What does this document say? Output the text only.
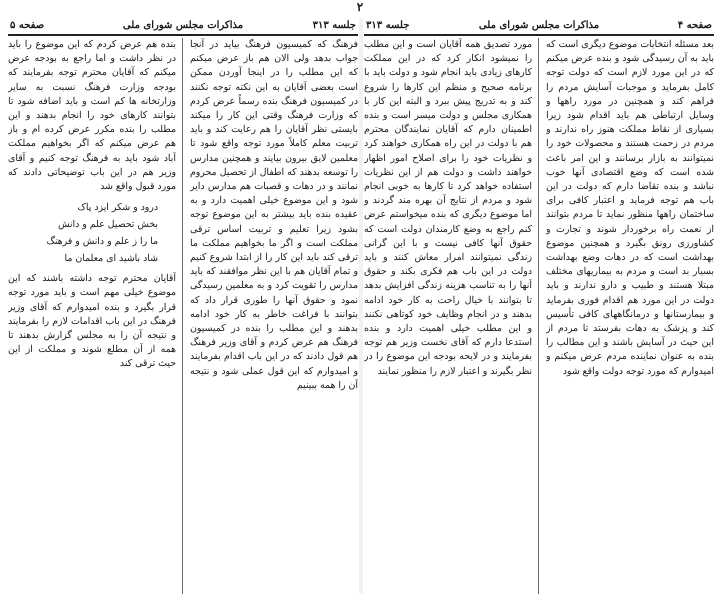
۲
جلسه ۳۱۳
مذاکرات مجلس شورای ملی
صفحه ۵

فرهنگ که کمیسیون فرهنگ بیاید در آنجا جواب بدهد ولی الان هم باز عرض میکنم که این مطلب را در اینجا آوردن ممکن است بعضی آقایان به این نکته توجه نکنند در کمیسیون فرهنگ بنده رسماً عرض کردم که وزارت فرهنگ وقتی این کار را میکند بایستی نظر آقایان را هم رعایت کند و باید تربیت معلم کاملاً مورد توجه واقع شود تا معلمین لایق بیرون بیایند و همچنین مدارس را توسعه بدهند که اطفال از تحصیل محروم نمانند و در دهات و قصبات هم مدارس دایر شود و این موضوع خیلی اهمیت دارد و به عقیده بنده باید بیشتر به این موضوع توجه بشود زیرا تعلیم و تربیت اساس ترقی مملکت است و اگر ما بخواهیم مملکت ما ترقی کند باید این کار را از ابتدا شروع کنیم و تمام آقایان هم با این نظر موافقند که باید مدارس را تقویت کرد و به معلمین رسیدگی نمود و حقوق آنها را طوری قرار داد که بتوانند با فراغت خاطر به کار خود ادامه بدهند و این مطلب را بنده در کمیسیون فرهنگ هم عرض کردم و آقای وزیر فرهنگ هم قول دادند که در این باب اقدام بفرمایند و امیدوارم که این قول عملی شود و نتیجه آن را همه ببینیم

بنده هم عرض کردم که این موضوع را باید در نظر داشت و اما راجع به بودجه عرض میکنم که آقایان محترم توجه بفرمایند که بودجه وزارت فرهنگ نسبت به سایر وزارتخانه ها کم است و باید اضافه شود تا بتوانند کارهای خود را انجام بدهند و این مطلب را بنده مکرر عرض کرده ام و باز هم عرض میکنم که اگر بخواهیم مملکت آباد شود باید به فرهنگ توجه کنیم و آقای وزیر هم در این باب توضیحاتی دادند که مورد قبول واقع شد

درود و شکر ایزد پاک
بخش تحصیل علم و دانش
ما را ز علم و دانش و فرهنگ
شاد باشید ای معلمان ما

آقایان محترم توجه داشته باشند که این موضوع خیلی مهم است و باید مورد توجه قرار بگیرد و بنده امیدوارم که آقای وزیر فرهنگ در این باب اقدامات لازم را بفرمایند و نتیجه آن را به مجلس گزارش بدهند تا همه از آن مطلع شوند و مملکت از این حیث ترقی کند

صفحه ۴
مذاکرات مجلس شورای ملی
جلسه ۳۱۳

بعد مسئله انتخابات موضوع دیگری است که باید به آن رسیدگی شود و بنده عرض میکنم که در این مورد لازم است که دولت توجه کامل بفرماید و موجبات آسایش مردم را فراهم کند و همچنین در مورد راهها و وسایل ارتباطی هم باید اقدام شود زیرا بسیاری از نقاط مملکت هنوز راه ندارند و مردم در زحمت هستند و محصولات خود را نمیتوانند به بازار برسانند و این امر باعث شده است که وضع اقتصادی آنها خوب نباشد و بنده تقاضا دارم که دولت در این باب هم توجه فرماید و اعتبار کافی برای ساختمان راهها منظور نماید تا مردم بتوانند از نعمت راه برخوردار شوند و تجارت و کشاورزی رونق بگیرد و همچنین موضوع بهداشت است که در دهات وضع بهداشت بسیار بد است و مردم به بیماریهای مختلف مبتلا هستند و طبیب و دارو ندارند و باید دولت در این مورد هم اقدام فوری بفرماید و بیمارستانها و درمانگاههای کافی تأسیس کند و پزشک به دهات بفرستد تا مردم از این حیث در آسایش باشند و این مطالب را بنده به عنوان نماینده مردم عرض میکنم و امیدوارم که مورد توجه دولت واقع شود

مورد تصدیق همه آقایان است و این مطلب را نمیشود انکار کرد که در این مملکت کارهای زیادی باید انجام شود و دولت باید با برنامه صحیح و منظم این کارها را شروع کند و به تدریج پیش ببرد و البته این کار با همکاری مجلس و دولت میسر است و بنده اطمینان دارم که آقایان نمایندگان محترم هم با دولت در این راه همکاری خواهند کرد و نظریات خود را برای اصلاح امور اظهار خواهند داشت و دولت هم از این نظریات استفاده خواهد کرد تا کارها به خوبی انجام شود و مردم از نتایج آن بهره مند گردند و اما موضوع دیگری که بنده میخواستم عرض کنم راجع به وضع کارمندان دولت است که حقوق آنها کافی نیست و با این گرانی زندگی نمیتوانند امرار معاش کنند و باید دولت در این باب هم فکری بکند و حقوق آنها را به تناسب هزینه زندگی افزایش بدهد تا بتوانند با خیال راحت به کار خود ادامه بدهند و در انجام وظایف خود کوتاهی نکنند و این مطلب خیلی اهمیت دارد و بنده استدعا دارم که آقای نخست وزیر هم توجه بفرمایند و در لایحه بودجه این موضوع را در نظر بگیرند و اعتبار لازم را منظور نمایند
